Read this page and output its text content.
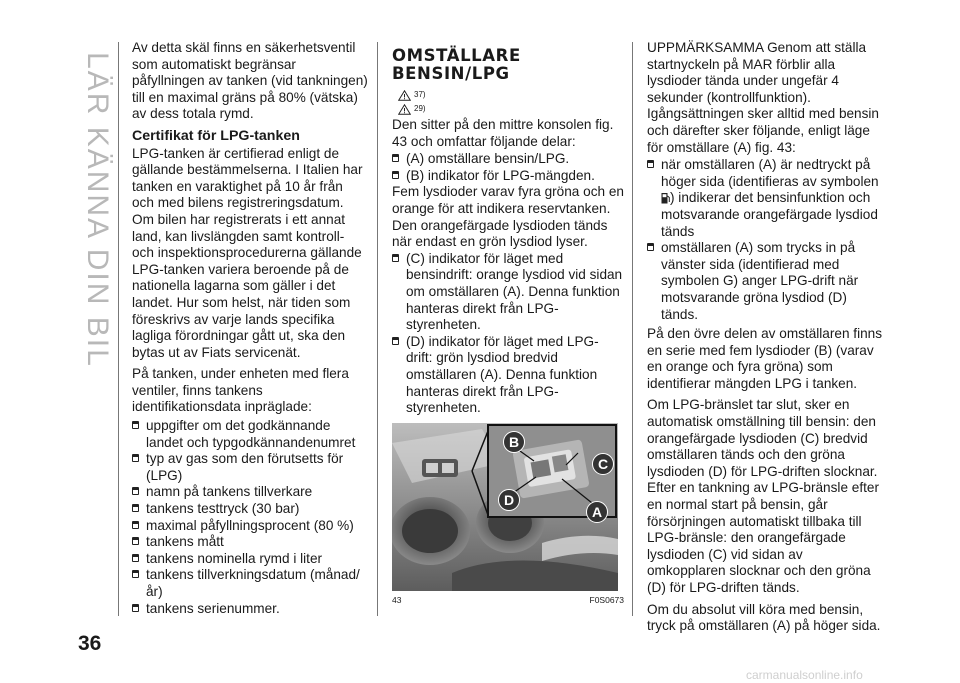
LÄR KÄNNA DIN BIL

Av detta skäl finns en säkerhetsventil som automatiskt begränsar påfyllningen av tanken (vid tankningen) till en maximal gräns på 80% (vätska) av dess totala rymd.

Certifikat för LPG-tanken

LPG-tanken är certifierad enligt de gällande bestämmelserna. I Italien har tanken en varaktighet på 10 år från och med bilens registreringsdatum. Om bilen har registrerats i ett annat land, kan livslängden samt kontroll- och inspektionsprocedurerna gällande LPG-tanken variera beroende på de nationella lagarna som gäller i det landet. Hur som helst, när tiden som föreskrivs av varje lands specifika lagliga förordningar gått ut, ska den bytas ut av Fiats servicenät.

På tanken, under enheten med flera ventiler, finns tankens identifikationsdata inpräglade:

uppgifter om det godkännande landet och typgodkännandenumret
typ av gas som den förutsetts för (LPG)
namn på tankens tillverkare
tankens testtryck (30 bar)
maximal påfyllningsprocent (80 %)
tankens mått
tankens nominella rymd i liter
tankens tillverkningsdatum (månad/år)
tankens serienummer.
OMSTÄLLARE
BENSIN/LPG
37)
29)

Den sitter på den mittre konsolen fig. 43 och omfattar följande delar:

(A) omställare bensin/LPG.
(B) indikator för LPG-mängden.

Fem lysdioder varav fyra gröna och en orange för att indikera reservtanken. Den orangefärgade lysdioden tänds när endast en grön lysdiod lyser.

(C) indikator för läget med bensindrift: orange lysdiod vid sidan om omställaren (A). Denna funktion hanteras direkt från LPG-styrenheten.
(D) indikator för läget med LPG-drift: grön lysdiod bredvid omställaren (A). Denna funktion hanteras direkt från LPG-styrenheten.
B
C
D
A
43	F0S0673

UPPMÄRKSAMMA Genom att ställa startnyckeln på MAR förblir alla lysdioder tända under ungefär 4 sekunder (kontrollfunktion). Igångsättningen sker alltid med bensin och därefter sker följande, enligt läge för omställare (A) fig. 43:

när omställaren (A) är nedtryckt på höger sida (identifieras av symbolen ) indikerar det bensinfunktion och motsvarande orangefärgade lysdiod tänds
omställaren (A) som trycks in på vänster sida (identifierad med symbolen G) anger LPG-drift när motsvarande gröna lysdiod (D) tänds.

På den övre delen av omställaren finns en serie med fem lysdioder (B) (varav en orange och fyra gröna) som identifierar mängden LPG i tanken.

Om LPG-bränslet tar slut, sker en automatisk omställning till bensin: den orangefärgade lysdioden (C) bredvid omställaren tänds och den gröna lysdioden (D) för LPG-driften slocknar. Efter en tankning av LPG-bränsle efter en normal start på bensin, går försörjningen automatiskt tillbaka till LPG-bränsle: den orangefärgade lysdioden (C) vid sidan av omkopplaren slocknar och den gröna (D) för LPG-driften tänds.

Om du absolut vill köra med bensin, tryck på omställaren (A) på höger sida.

36
carmanualsonline.info
